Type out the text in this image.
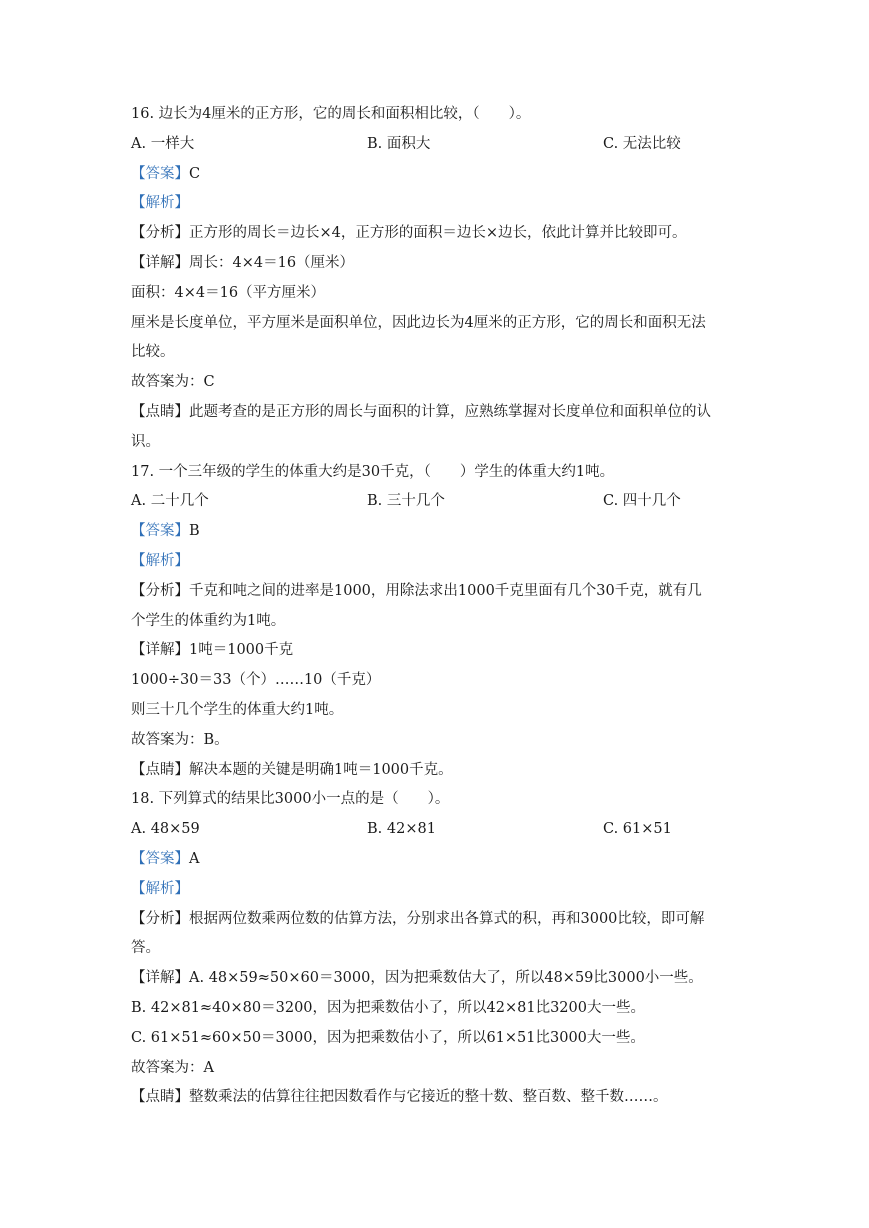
16. 边长为4厘米的正方形，它的周长和面积相比较，（　　）。
A. 一样大	B. 面积大	C. 无法比较
【答案】C
【解析】
【分析】正方形的周长＝边长×4，正方形的面积＝边长×边长，依此计算并比较即可。
【详解】周长：4×4＝16（厘米）
面积：4×4＝16（平方厘米）
厘米是长度单位，平方厘米是面积单位，因此边长为4厘米的正方形，它的周长和面积无法
比较。
故答案为：C
【点睛】此题考查的是正方形的周长与面积的计算，应熟练掌握对长度单位和面积单位的认
识。
17. 一个三年级的学生的体重大约是30千克，（　　）学生的体重大约1吨。
A. 二十几个	B. 三十几个	C. 四十几个
【答案】B
【解析】
【分析】千克和吨之间的进率是1000，用除法求出1000千克里面有几个30千克，就有几
个学生的体重约为1吨。
【详解】1吨＝1000千克
1000÷30＝33（个）……10（千克）
则三十几个学生的体重大约1吨。
故答案为：B。
【点睛】解决本题的关键是明确1吨＝1000千克。
18. 下列算式的结果比3000小一点的是（　　）。
A. 48×59	B. 42×81	C. 61×51
【答案】A
【解析】
【分析】根据两位数乘两位数的估算方法，分别求出各算式的积，再和3000比较，即可解
答。
【详解】A. 48×59≈50×60＝3000，因为把乘数估大了，所以48×59比3000小一些。
B. 42×81≈40×80＝3200，因为把乘数估小了，所以42×81比3200大一些。
C. 61×51≈60×50＝3000，因为把乘数估小了，所以61×51比3000大一些。
故答案为：A
【点睛】整数乘法的估算往往把因数看作与它接近的整十数、整百数、整千数……。
